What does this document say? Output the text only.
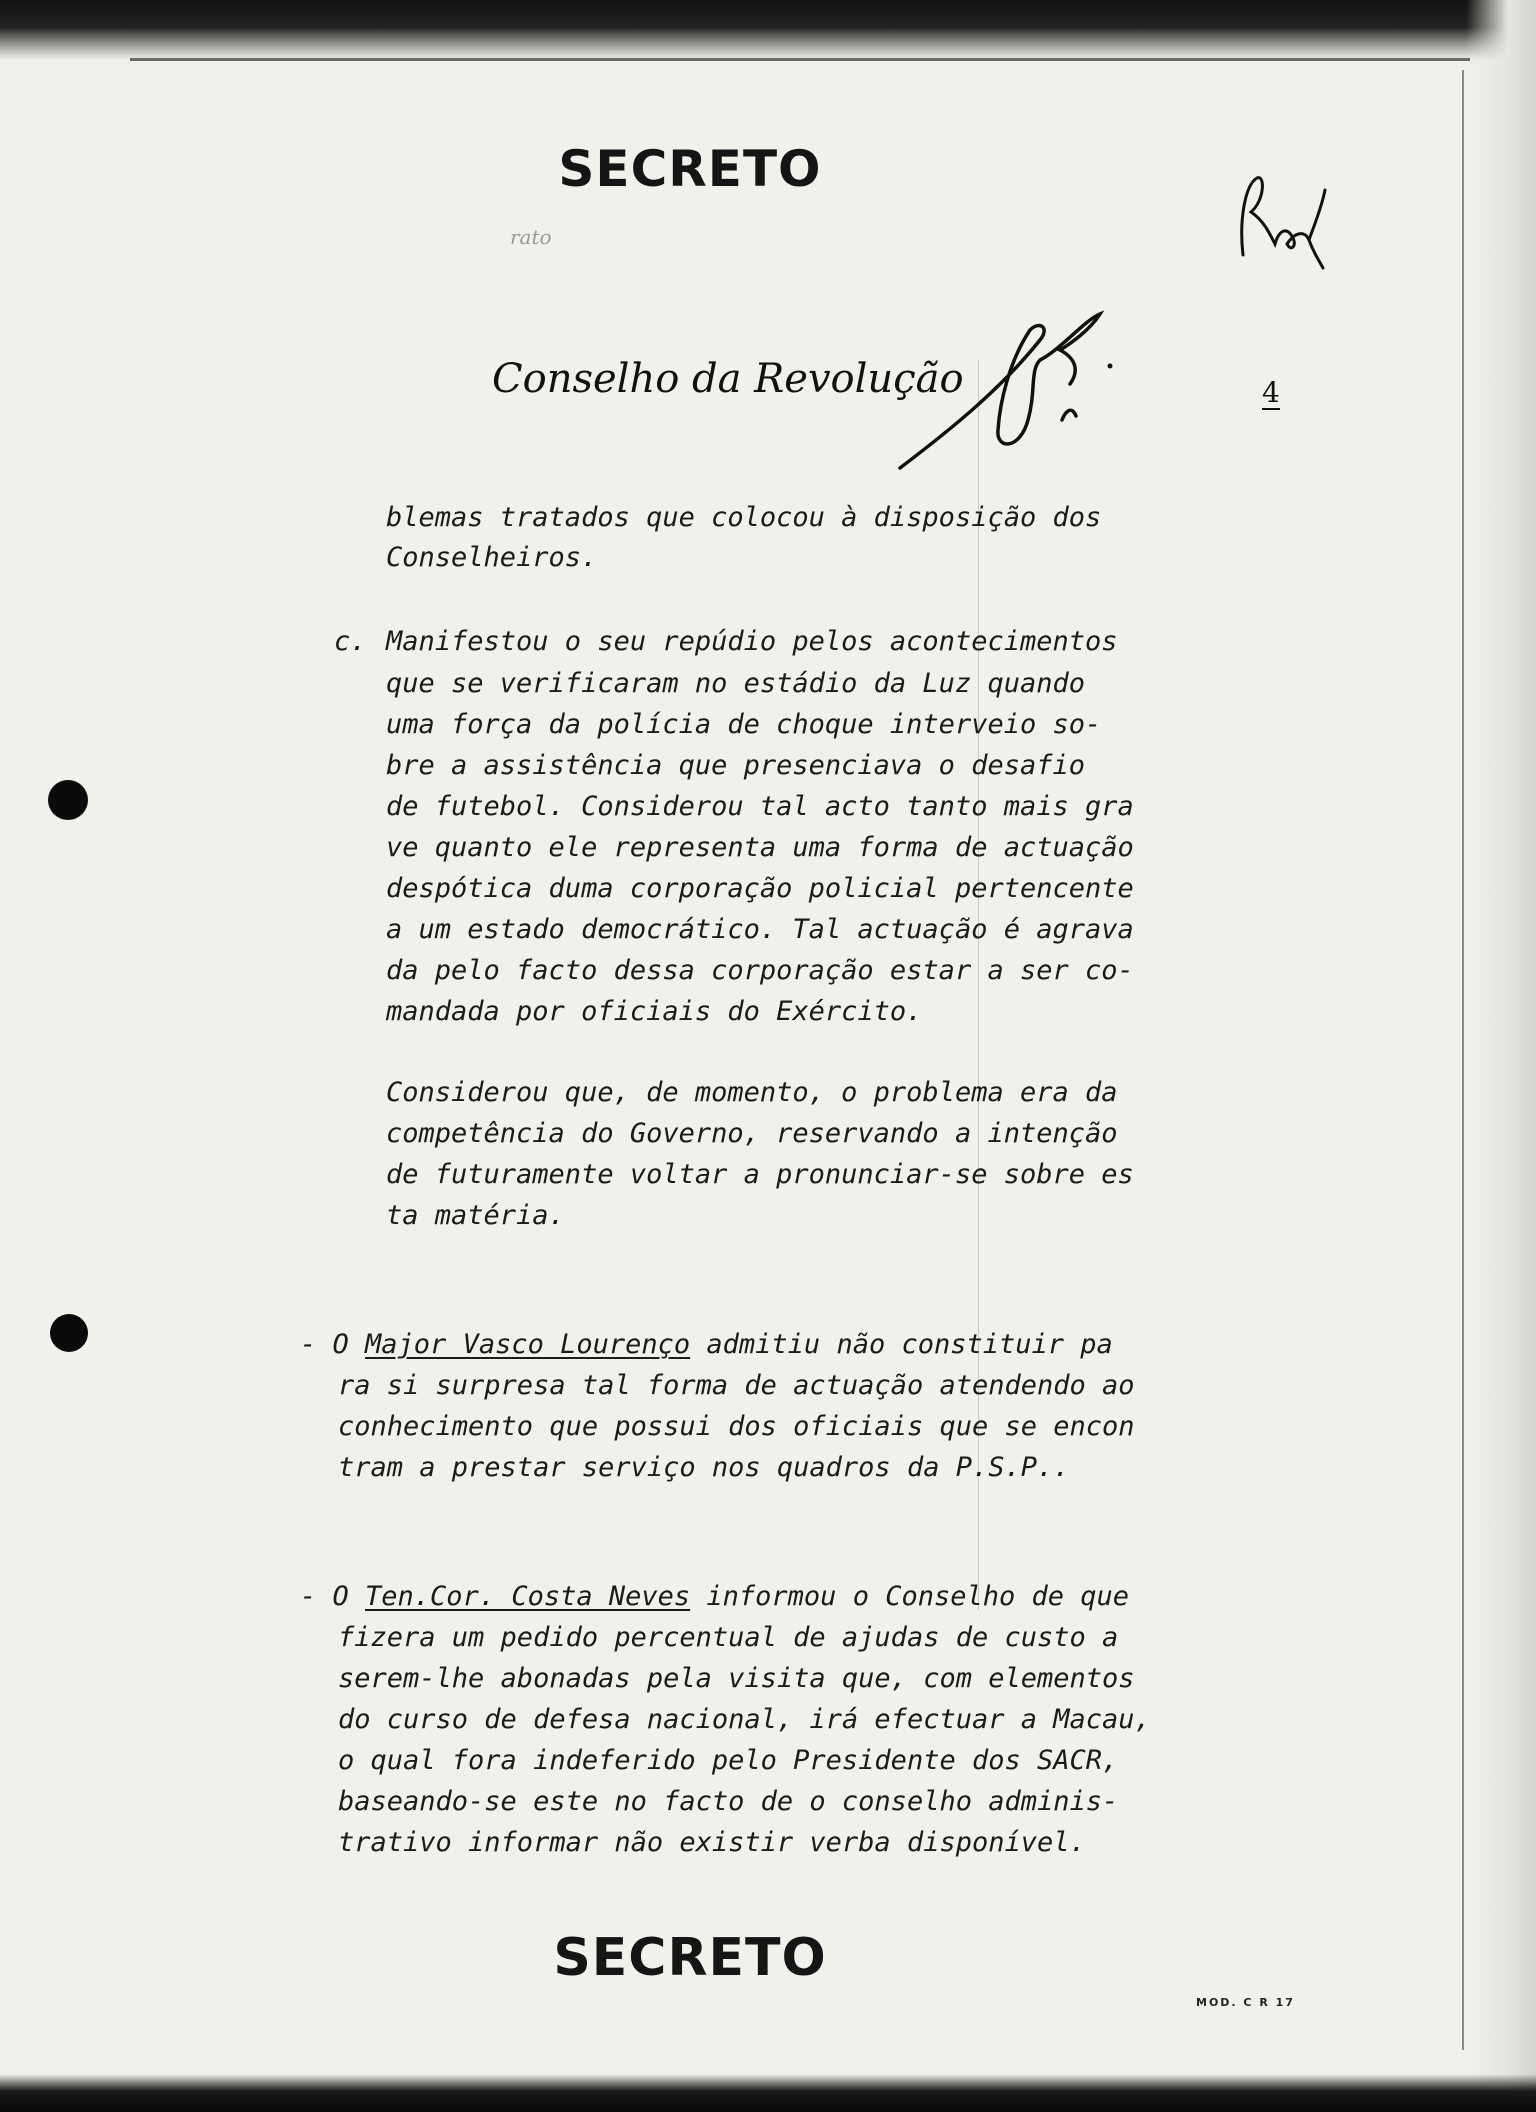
SECRETO
rato
Conselho da Revolução	4
blemas tratados que colocou à disposição dos
Conselheiros.
c. Manifestou o seu repúdio pelos acontecimentos
que se verificaram no estádio da Luz quando
uma força da polícia de choque interveio so-
bre a assistência que presenciava o desafio
de futebol. Considerou tal acto tanto mais gra
ve quanto ele representa uma forma de actuação
despótica duma corporação policial pertencente
a um estado democrático. Tal actuação é agrava
da pelo facto dessa corporação estar a ser co-
mandada por oficiais do Exército.
Considerou que, de momento, o problema era da
competência do Governo, reservando a intenção
de futuramente voltar a pronunciar-se sobre es
ta matéria.
- O Major Vasco Lourenço admitiu não constituir pa
ra si surpresa tal forma de actuação atendendo ao
conhecimento que possui dos oficiais que se encon
tram a prestar serviço nos quadros da P.S.P..
- O Ten.Cor. Costa Neves informou o Conselho de que
fizera um pedido percentual de ajudas de custo a
serem-lhe abonadas pela visita que, com elementos
do curso de defesa nacional, irá efectuar a Macau,
o qual fora indeferido pelo Presidente dos SACR,
baseando-se este no facto de o conselho adminis-
trativo informar não existir verba disponível.
SECRETO
MOD. C R 17
